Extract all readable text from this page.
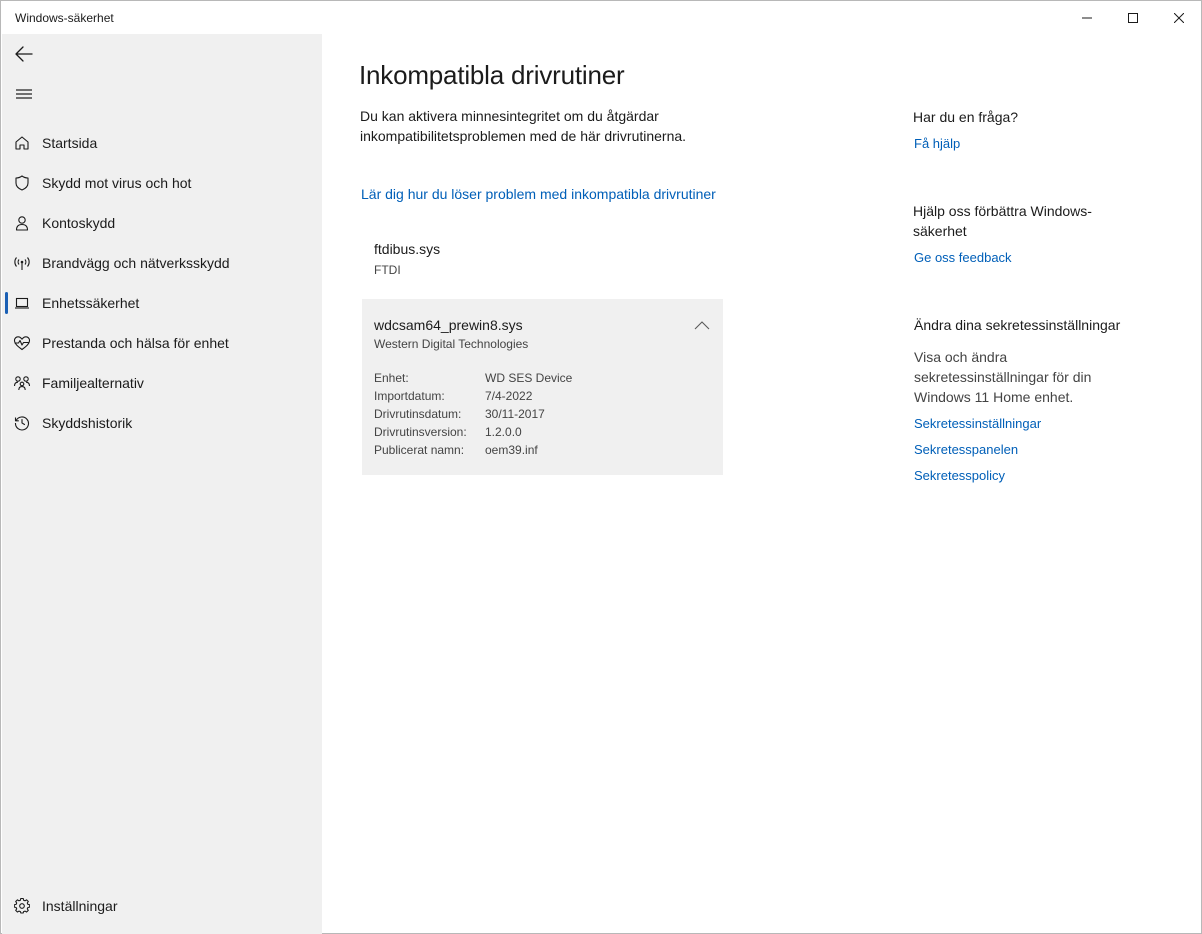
Windows-säkerhet
Startsida
Skydd mot virus och hot
Kontoskydd
Brandvägg och nätverksskydd
Enhetssäkerhet
Prestanda och hälsa för enhet
Familjealternativ
Skyddshistorik
Inställningar
Inkompatibla drivrutiner

Du kan aktivera minnesintegritet om du åtgärdar inkompatibilitetsproblemen med de här drivrutinerna.

Lär dig hur du löser problem med inkompatibla drivrutiner
ftdibus.sys
FTDI
wdcsam64_prewin8.sys
Western Digital Technologies
Enhet:	WD SES Device
Importdatum:	7/4-2022
Drivrutinsdatum: 30/11-2017
Drivrutinsversion: 1.2.0.0
Publicerat namn: oem39.inf
Har du en fråga?
Få hjälp
Hjälp oss förbättra Windows-säkerhet
Ge oss feedback
Ändra dina sekretessinställningar
Visa och ändra sekretessinställningar för din Windows 11 Home enhet.
Sekretessinställningar
Sekretesspanelen
Sekretesspolicy
